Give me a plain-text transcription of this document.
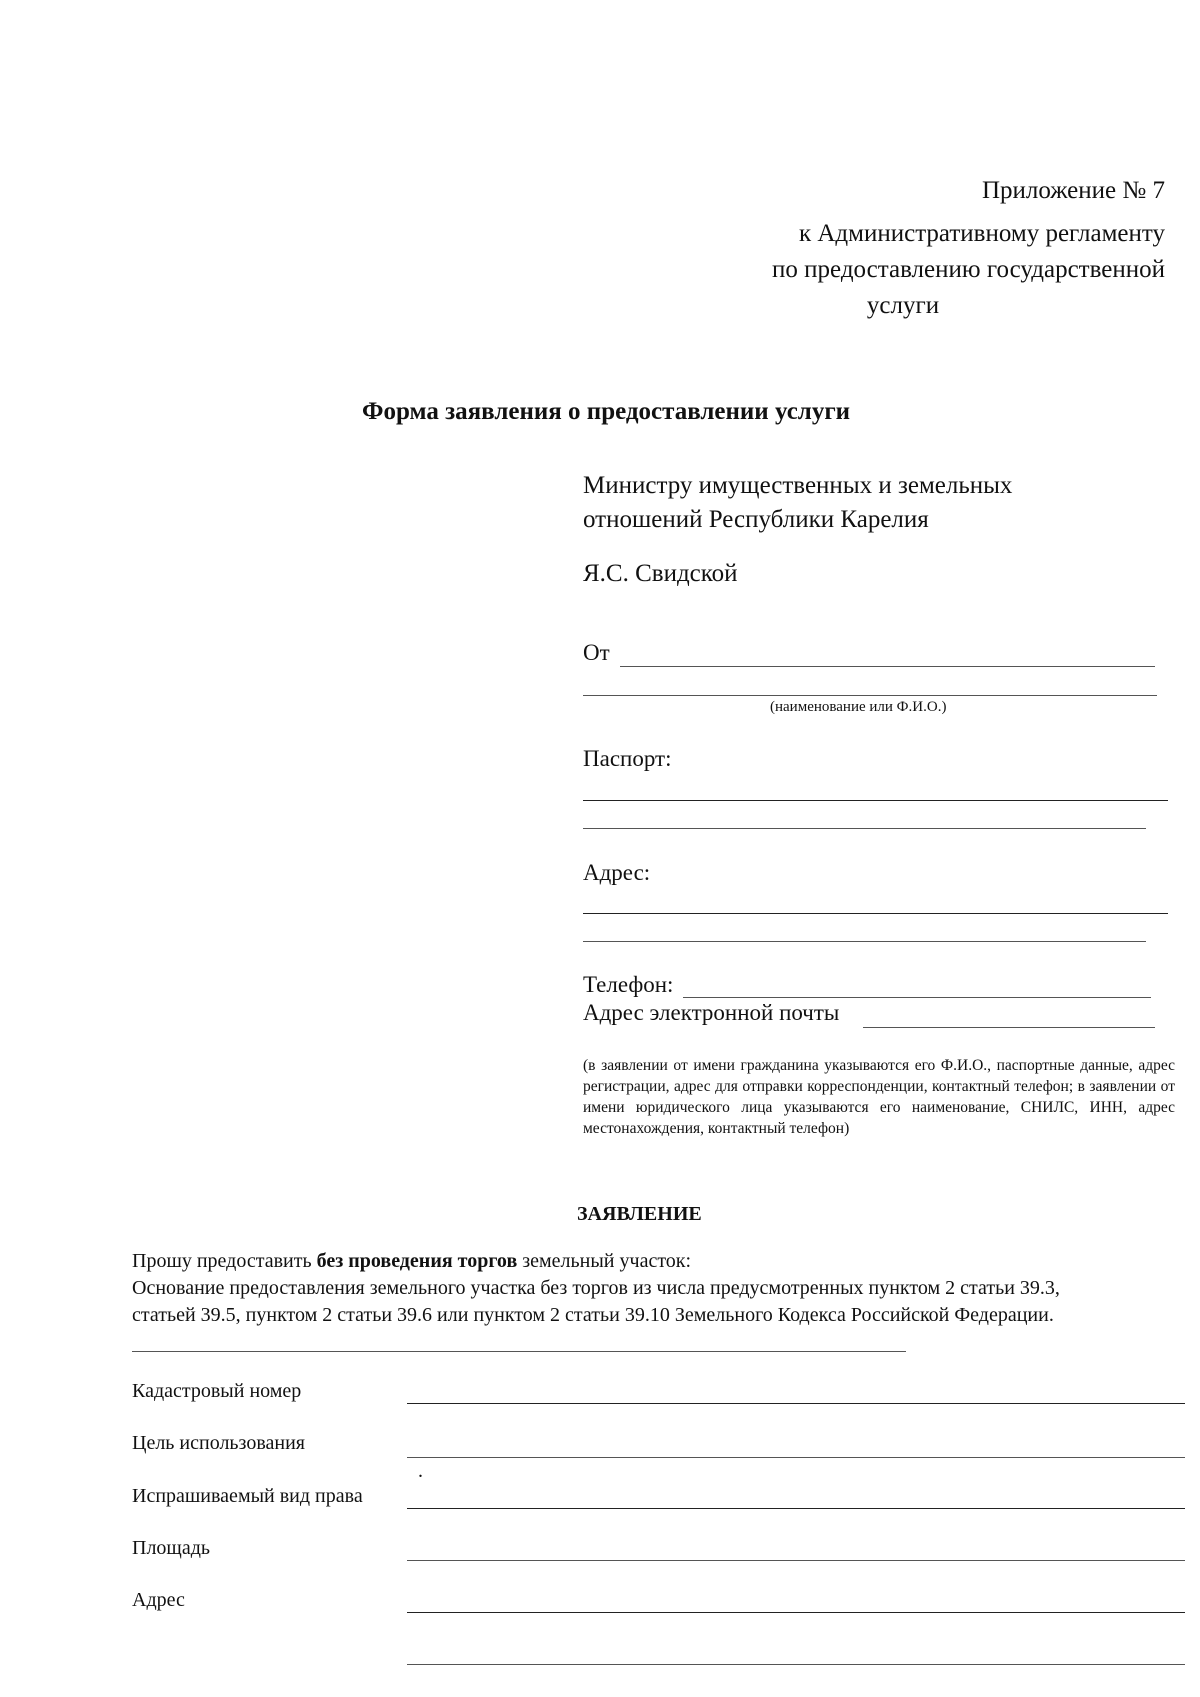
Приложение № 7
к Административному регламенту
по предоставлению государственной
услуги
Форма заявления о предоставлении услуги
Министру имущественных и земельных
отношений Республики Карелия
Я.С. Свидской
От
(наименование или Ф.И.О.)
Паспорт:
Адрес:
Телефон:
Адрес электронной почты
(в заявлении от имени гражданина указываются его Ф.И.О., паспортные данные, адрес регистрации, адрес для отправки корреспонденции, контактный телефон; в заявлении от имени юридического лица указываются его наименование, СНИЛС, ИНН, адрес местонахождения, контактный телефон)
ЗАЯВЛЕНИЕ
Прошу предоставить без проведения торгов земельный участок:
Основание предоставления земельного участка без торгов из числа предусмотренных пунктом 2 статьи 39.3,
статьей 39.5, пунктом 2 статьи 39.6 или пунктом 2 статьи 39.10 Земельного Кодекса Российской Федерации.
Кадастровый номер
Цель использования
.
Испрашиваемый вид права
Площадь
Адрес
